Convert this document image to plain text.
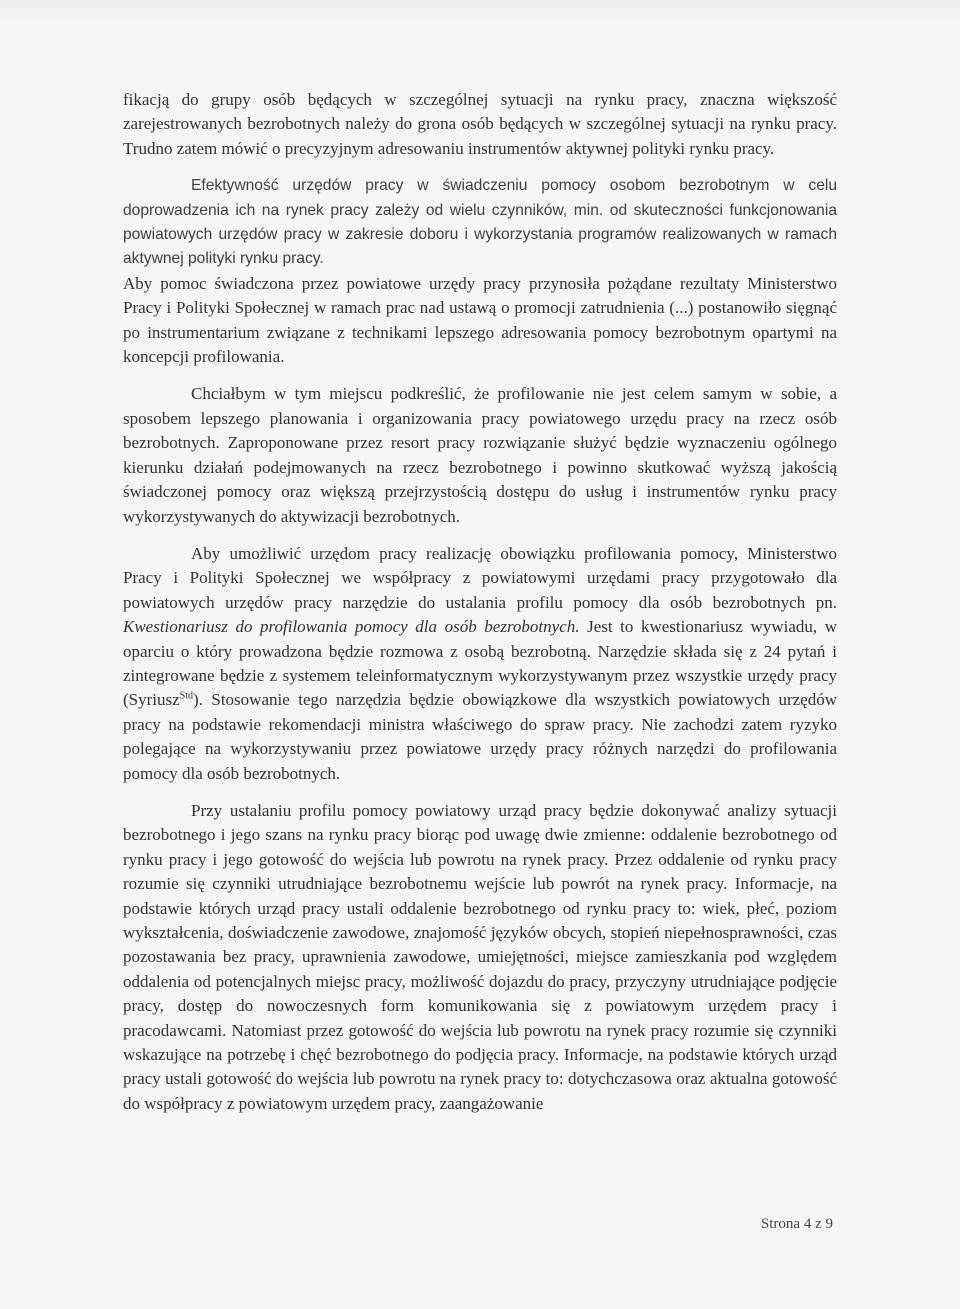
fikacją do grupy osób będących w szczególnej sytuacji na rynku pracy, znaczna większość zarejestrowanych bezrobotnych należy do grona osób będących w szczególnej sytuacji na rynku pracy. Trudno zatem mówić o precyzyjnym adresowaniu instrumentów aktywnej polityki rynku pracy.

Efektywność urzędów pracy w świadczeniu pomocy osobom bezrobotnym w celu doprowadzenia ich na rynek pracy zależy od wielu czynników, min. od skuteczności funkcjonowania powiatowych urzędów pracy w zakresie doboru i wykorzystania programów realizowanych w ramach aktywnej polityki rynku pracy.

Aby pomoc świadczona przez powiatowe urzędy pracy przynosiła pożądane rezultaty Ministerstwo Pracy i Polityki Społecznej w ramach prac nad ustawą o promocji zatrudnienia (...) postanowiło sięgnąć po instrumentarium związane z technikami lepszego adresowania pomocy bezrobotnym opartymi na koncepcji profilowania.

Chciałbym w tym miejscu podkreślić, że profilowanie nie jest celem samym w sobie, a sposobem lepszego planowania i organizowania pracy powiatowego urzędu pracy na rzecz osób bezrobotnych. Zaproponowane przez resort pracy rozwiązanie służyć będzie wyznaczeniu ogólnego kierunku działań podejmowanych na rzecz bezrobotnego i powinno skutkować wyższą jakością świadczonej pomocy oraz większą przejrzystością dostępu do usług i instrumentów rynku pracy wykorzystywanych do aktywizacji bezrobotnych.

Aby umożliwić urzędom pracy realizację obowiązku profilowania pomocy, Ministerstwo Pracy i Polityki Społecznej we współpracy z powiatowymi urzędami pracy przygotowało dla powiatowych urzędów pracy narzędzie do ustalania profilu pomocy dla osób bezrobotnych pn. Kwestionariusz do profilowania pomocy dla osób bezrobotnych. Jest to kwestionariusz wywiadu, w oparciu o który prowadzona będzie rozmowa z osobą bezrobotną. Narzędzie składa się z 24 pytań i zintegrowane będzie z systemem teleinformatycznym wykorzystywanym przez wszystkie urzędy pracy (Syriusz$^{Std}$). Stosowanie tego narzędzia będzie obowiązkowe dla wszystkich powiatowych urzędów pracy na podstawie rekomendacji ministra właściwego do spraw pracy. Nie zachodzi zatem ryzyko polegające na wykorzystywaniu przez powiatowe urzędy pracy różnych narzędzi do profilowania pomocy dla osób bezrobotnych.

Przy ustalaniu profilu pomocy powiatowy urząd pracy będzie dokonywać analizy sytuacji bezrobotnego i jego szans na rynku pracy biorąc pod uwagę dwie zmienne: oddalenie bezrobotnego od rynku pracy i jego gotowość do wejścia lub powrotu na rynek pracy. Przez oddalenie od rynku pracy rozumie się czynniki utrudniające bezrobotnemu wejście lub powrót na rynek pracy. Informacje, na podstawie których urząd pracy ustali oddalenie bezrobotnego od rynku pracy to: wiek, płeć, poziom wykształcenia, doświadczenie zawodowe, znajomość języków obcych, stopień niepełnosprawności, czas pozostawania bez pracy, uprawnienia zawodowe, umiejętności, miejsce zamieszkania pod względem oddalenia od potencjalnych miejsc pracy, możliwość dojazdu do pracy, przyczyny utrudniające podjęcie pracy, dostęp do nowoczesnych form komunikowania się z powiatowym urzędem pracy i pracodawcami. Natomiast przez gotowość do wejścia lub powrotu na rynek pracy rozumie się czynniki wskazujące na potrzebę i chęć bezrobotnego do podjęcia pracy. Informacje, na podstawie których urząd pracy ustali gotowość do wejścia lub powrotu na rynek pracy to: dotychczasowa oraz aktualna gotowość do współpracy z powiatowym urzędem pracy, zaangażowanie

Strona 4 z 9
